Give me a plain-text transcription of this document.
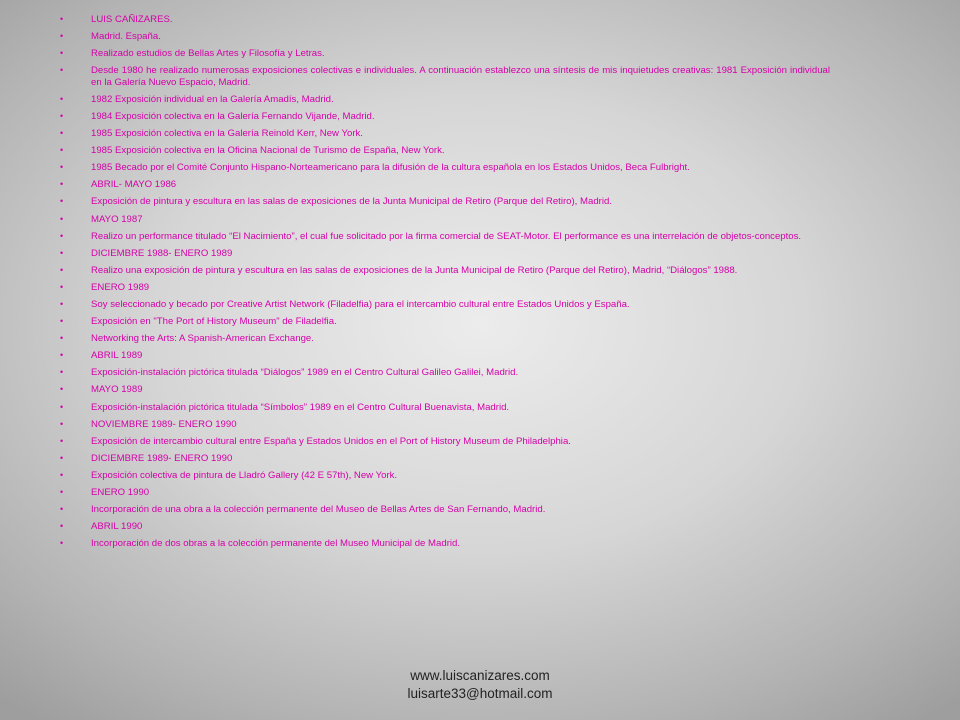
•	LUIS CAÑIZARES.
•	Madrid. España.
•	Realizado estudios de Bellas Artes y Filosofía y Letras.
•	Desde 1980 he realizado numerosas exposiciones colectivas e individuales. A continuación establezco una síntesis de mis inquietudes creativas: 1981 Exposición individual en la Galería Nuevo Espacio, Madrid.
•	1982 Exposición individual en la Galería Amadís, Madrid.
•	1984 Exposición colectiva en la Galería Fernando Vijande, Madrid.
•	1985 Exposición colectiva en la Galería Reinold Kerr, New York.
•	1985 Exposición colectiva en la Oficina Nacional de Turismo de España, New York.
•	1985 Becado por el Comité Conjunto Hispano-Norteamericano para la difusión de la cultura española en los Estados Unidos, Beca Fulbright.
•	ABRIL- MAYO 1986
•	Exposición de pintura y escultura en las salas de exposiciones de la Junta Municipal de Retiro (Parque del Retiro), Madrid.
•	MAYO 1987
•	Realizo un performance titulado “El Nacimiento”, el cual fue solicitado por la firma comercial de SEAT-Motor. El performance es una interrelación de objetos-conceptos.
•	DICIEMBRE 1988- ENERO 1989
•	Realizo una exposición de pintura y escultura en las salas de exposiciones de la Junta Municipal de Retiro (Parque del Retiro), Madrid, “Diálogos” 1988.
•	ENERO 1989
•	Soy seleccionado y becado por Creative Artist Network (Filadelfia) para el intercambio cultural entre Estados Unidos y España.
•	Exposición en "The Port of History Museum" de Filadelfia.
•	Networking the Arts: A Spanish-American Exchange.
•	ABRIL 1989
•	Exposición-instalación pictórica titulada “Diálogos” 1989 en el Centro Cultural Galileo Galilei, Madrid.
•	MAYO 1989
•	Exposición-instalación pictórica titulada “Símbolos” 1989 en el Centro Cultural Buenavista, Madrid.
•	NOVIEMBRE 1989- ENERO 1990
•	Exposición de intercambio cultural entre España y Estados Unidos en el Port of History Museum de Philadelphia.
•	DICIEMBRE 1989- ENERO 1990
•	Exposición colectiva de pintura de Lladró Gallery (42 E 57th), New York.
•	ENERO 1990
•	Incorporación de una obra a la colección permanente del Museo de Bellas Artes de San Fernando, Madrid.
•	ABRIL 1990
•	Incorporación de dos obras a la colección permanente del Museo Municipal de Madrid.
www.luiscanizares.com
luisarte33@hotmail.com
